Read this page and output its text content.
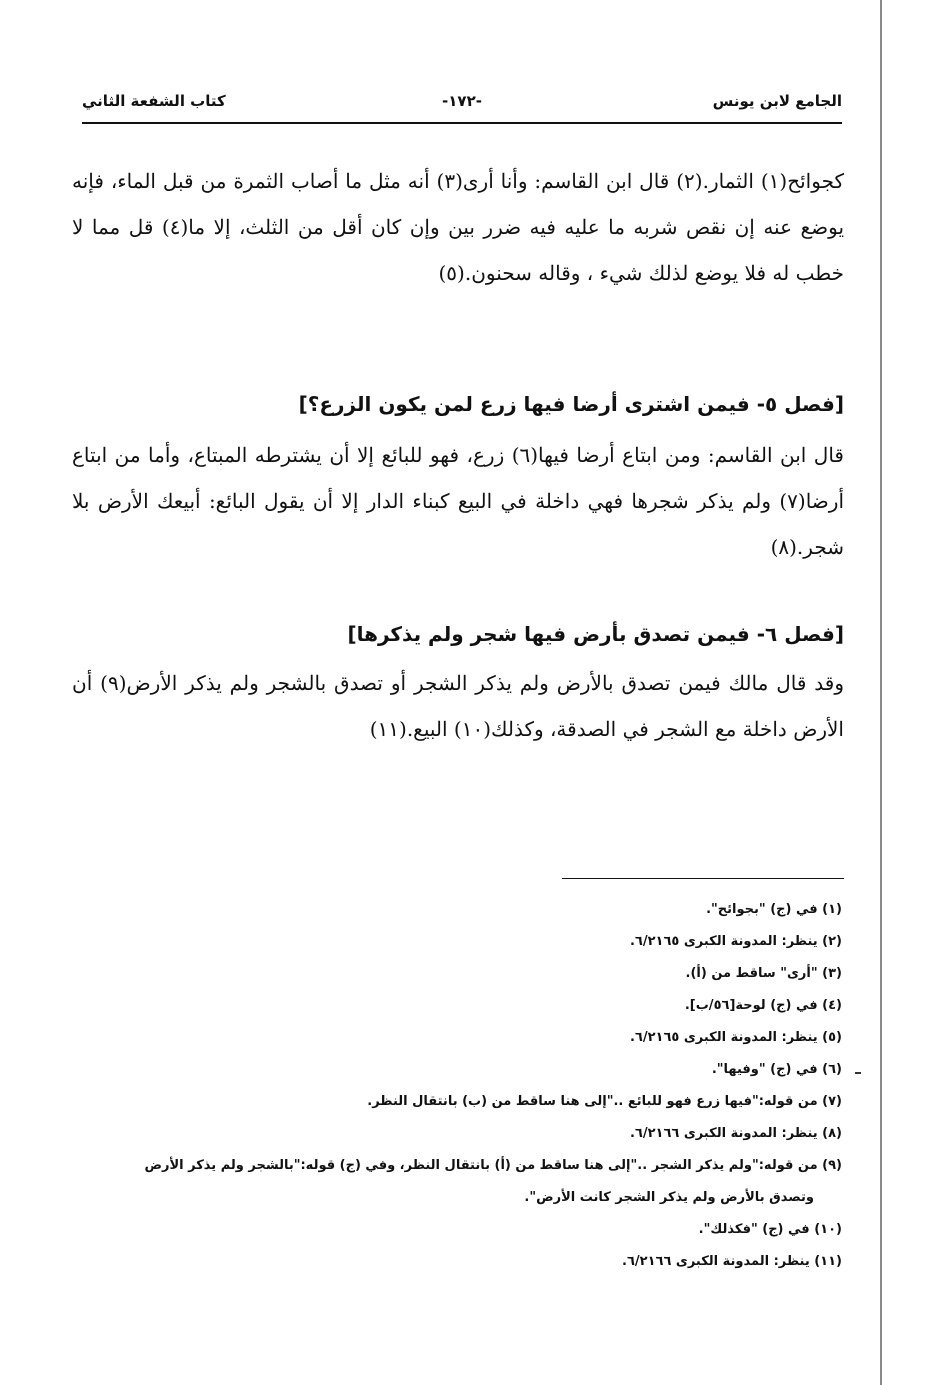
الجامع لابن يونس
-١٧٢-
كتاب الشفعة الثاني
كجوائح(١) الثمار.(٢) قال ابن القاسم: وأنا أرى(٣) أنه مثل ما أصاب الثمرة من قبل الماء، فإنه يوضع عنه إن نقص شربه ما عليه فيه ضرر بين وإن كان أقل من الثلث، إلا ما(٤) قل مما لا خطب له فلا يوضع لذلك شيء ، وقاله سحنون.(٥)
[فصل ٥- فيمن اشترى أرضا فيها زرع لمن يكون الزرع؟]
قال ابن القاسم: ومن ابتاع أرضا فيها(٦) زرع، فهو للبائع إلا أن يشترطه المبتاع، وأما من ابتاع أرضا(٧) ولم يذكر شجرها فهي داخلة في البيع كبناء الدار إلا أن يقول البائع: أبيعك الأرض بلا شجر.(٨)
[فصل ٦- فيمن تصدق بأرض فيها شجر ولم يذكرها]
وقد قال مالك فيمن تصدق بالأرض ولم يذكر الشجر أو تصدق بالشجر ولم يذكر الأرض(٩) أن الأرض داخلة مع الشجر في الصدقة، وكذلك(١٠) البيع.(١١)
(١) في (ج) "بجوائح".
(٢) ينظر: المدونة الكبرى ٦/٢١٦٥.
(٣) "أرى" ساقط من (أ).
(٤) في (ج) لوحة[٥٦/ب].
(٥) ينظر: المدونة الكبرى ٦/٢١٦٥.
(٦) في (ج) "وفيها".
(٧) من قوله:"فيها زرع فهو للبائع .."إلى هنا ساقط من (ب) بانتقال النظر.
(٨) ينظر: المدونة الكبرى ٦/٢١٦٦.
(٩) من قوله:"ولم يذكر الشجر .."إلى هنا ساقط من (أ) بانتقال النظر، وفي (ج) قوله:"بالشجر ولم يذكر الأرض
وتصدق بالأرض ولم يذكر الشجر كانت الأرض".
(١٠) في (ج) "فكذلك".
(١١) ينظر: المدونة الكبرى ٦/٢١٦٦.
